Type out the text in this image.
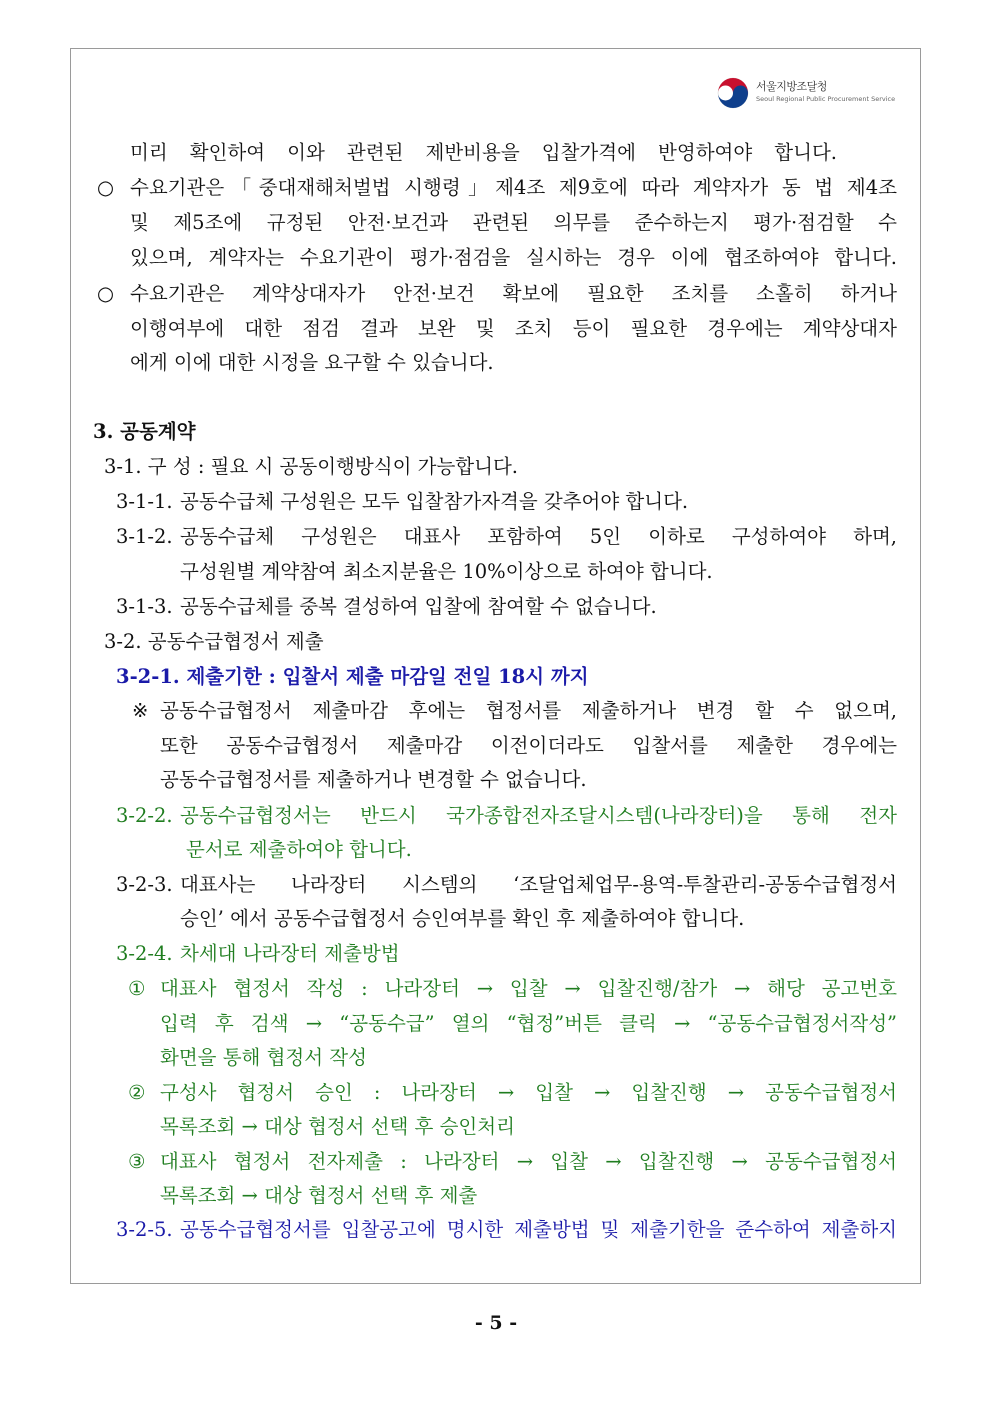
서울지방조달청
Seoul Regional Public Procurement Service
미리 확인하여 이와 관련된 제반비용을 입찰가격에 반영하여야 합니다.
○ 수요기관은「중대재해처벌법 시행령」제4조 제9호에 따라 계약자가 동 법 제4조
및 제5조에 규정된 안전·보건과 관련된 의무를 준수하는지 평가·점검할 수
있으며, 계약자는 수요기관이 평가·점검을 실시하는 경우 이에 협조하여야 합니다.
○ 수요기관은 계약상대자가 안전·보건 확보에 필요한 조치를 소홀히 하거나
이행여부에 대한 점검 결과 보완 및 조치 등이 필요한 경우에는 계약상대자
에게 이에 대한 시정을 요구할 수 있습니다.
3. 공동계약
3-1. 구 성 : 필요 시 공동이행방식이 가능합니다.
3-1-1. 공동수급체 구성원은 모두 입찰참가자격을 갖추어야 합니다.
3-1-2. 공동수급체 구성원은 대표사 포함하여 5인 이하로 구성하여야 하며,
구성원별 계약참여 최소지분율은 10%이상으로 하여야 합니다.
3-1-3. 공동수급체를 중복 결성하여 입찰에 참여할 수 없습니다.
3-2. 공동수급협정서 제출
3-2-1. 제출기한 : 입찰서 제출 마감일 전일 18시 까지
※ 공동수급협정서 제출마감 후에는 협정서를 제출하거나 변경 할 수 없으며,
또한 공동수급협정서 제출마감 이전이더라도 입찰서를 제출한 경우에는
공동수급협정서를 제출하거나 변경할 수 없습니다.
3-2-2. 공동수급협정서는 반드시 국가종합전자조달시스템(나라장터)을 통해 전자
문서로 제출하여야 합니다.
3-2-3. 대표사는 나라장터 시스템의 ‘조달업체업무-용역-투찰관리-공동수급협정서
승인’ 에서 공동수급협정서 승인여부를 확인 후 제출하여야 합니다.
3-2-4. 차세대 나라장터 제출방법
① 대표사 협정서 작성 : 나라장터 → 입찰 → 입찰진행/참가 → 해당 공고번호
입력 후 검색 → “공동수급” 열의 “협정”버튼 클릭 → “공동수급협정서작성”
화면을 통해 협정서 작성
② 구성사 협정서 승인 : 나라장터 → 입찰 → 입찰진행 → 공동수급협정서
목록조회 → 대상 협정서 선택 후 승인처리
③ 대표사 협정서 전자제출 : 나라장터 → 입찰 → 입찰진행 → 공동수급협정서
목록조회 → 대상 협정서 선택 후 제출
3-2-5. 공동수급협정서를 입찰공고에 명시한 제출방법 및 제출기한을 준수하여 제출하지
- 5 -
